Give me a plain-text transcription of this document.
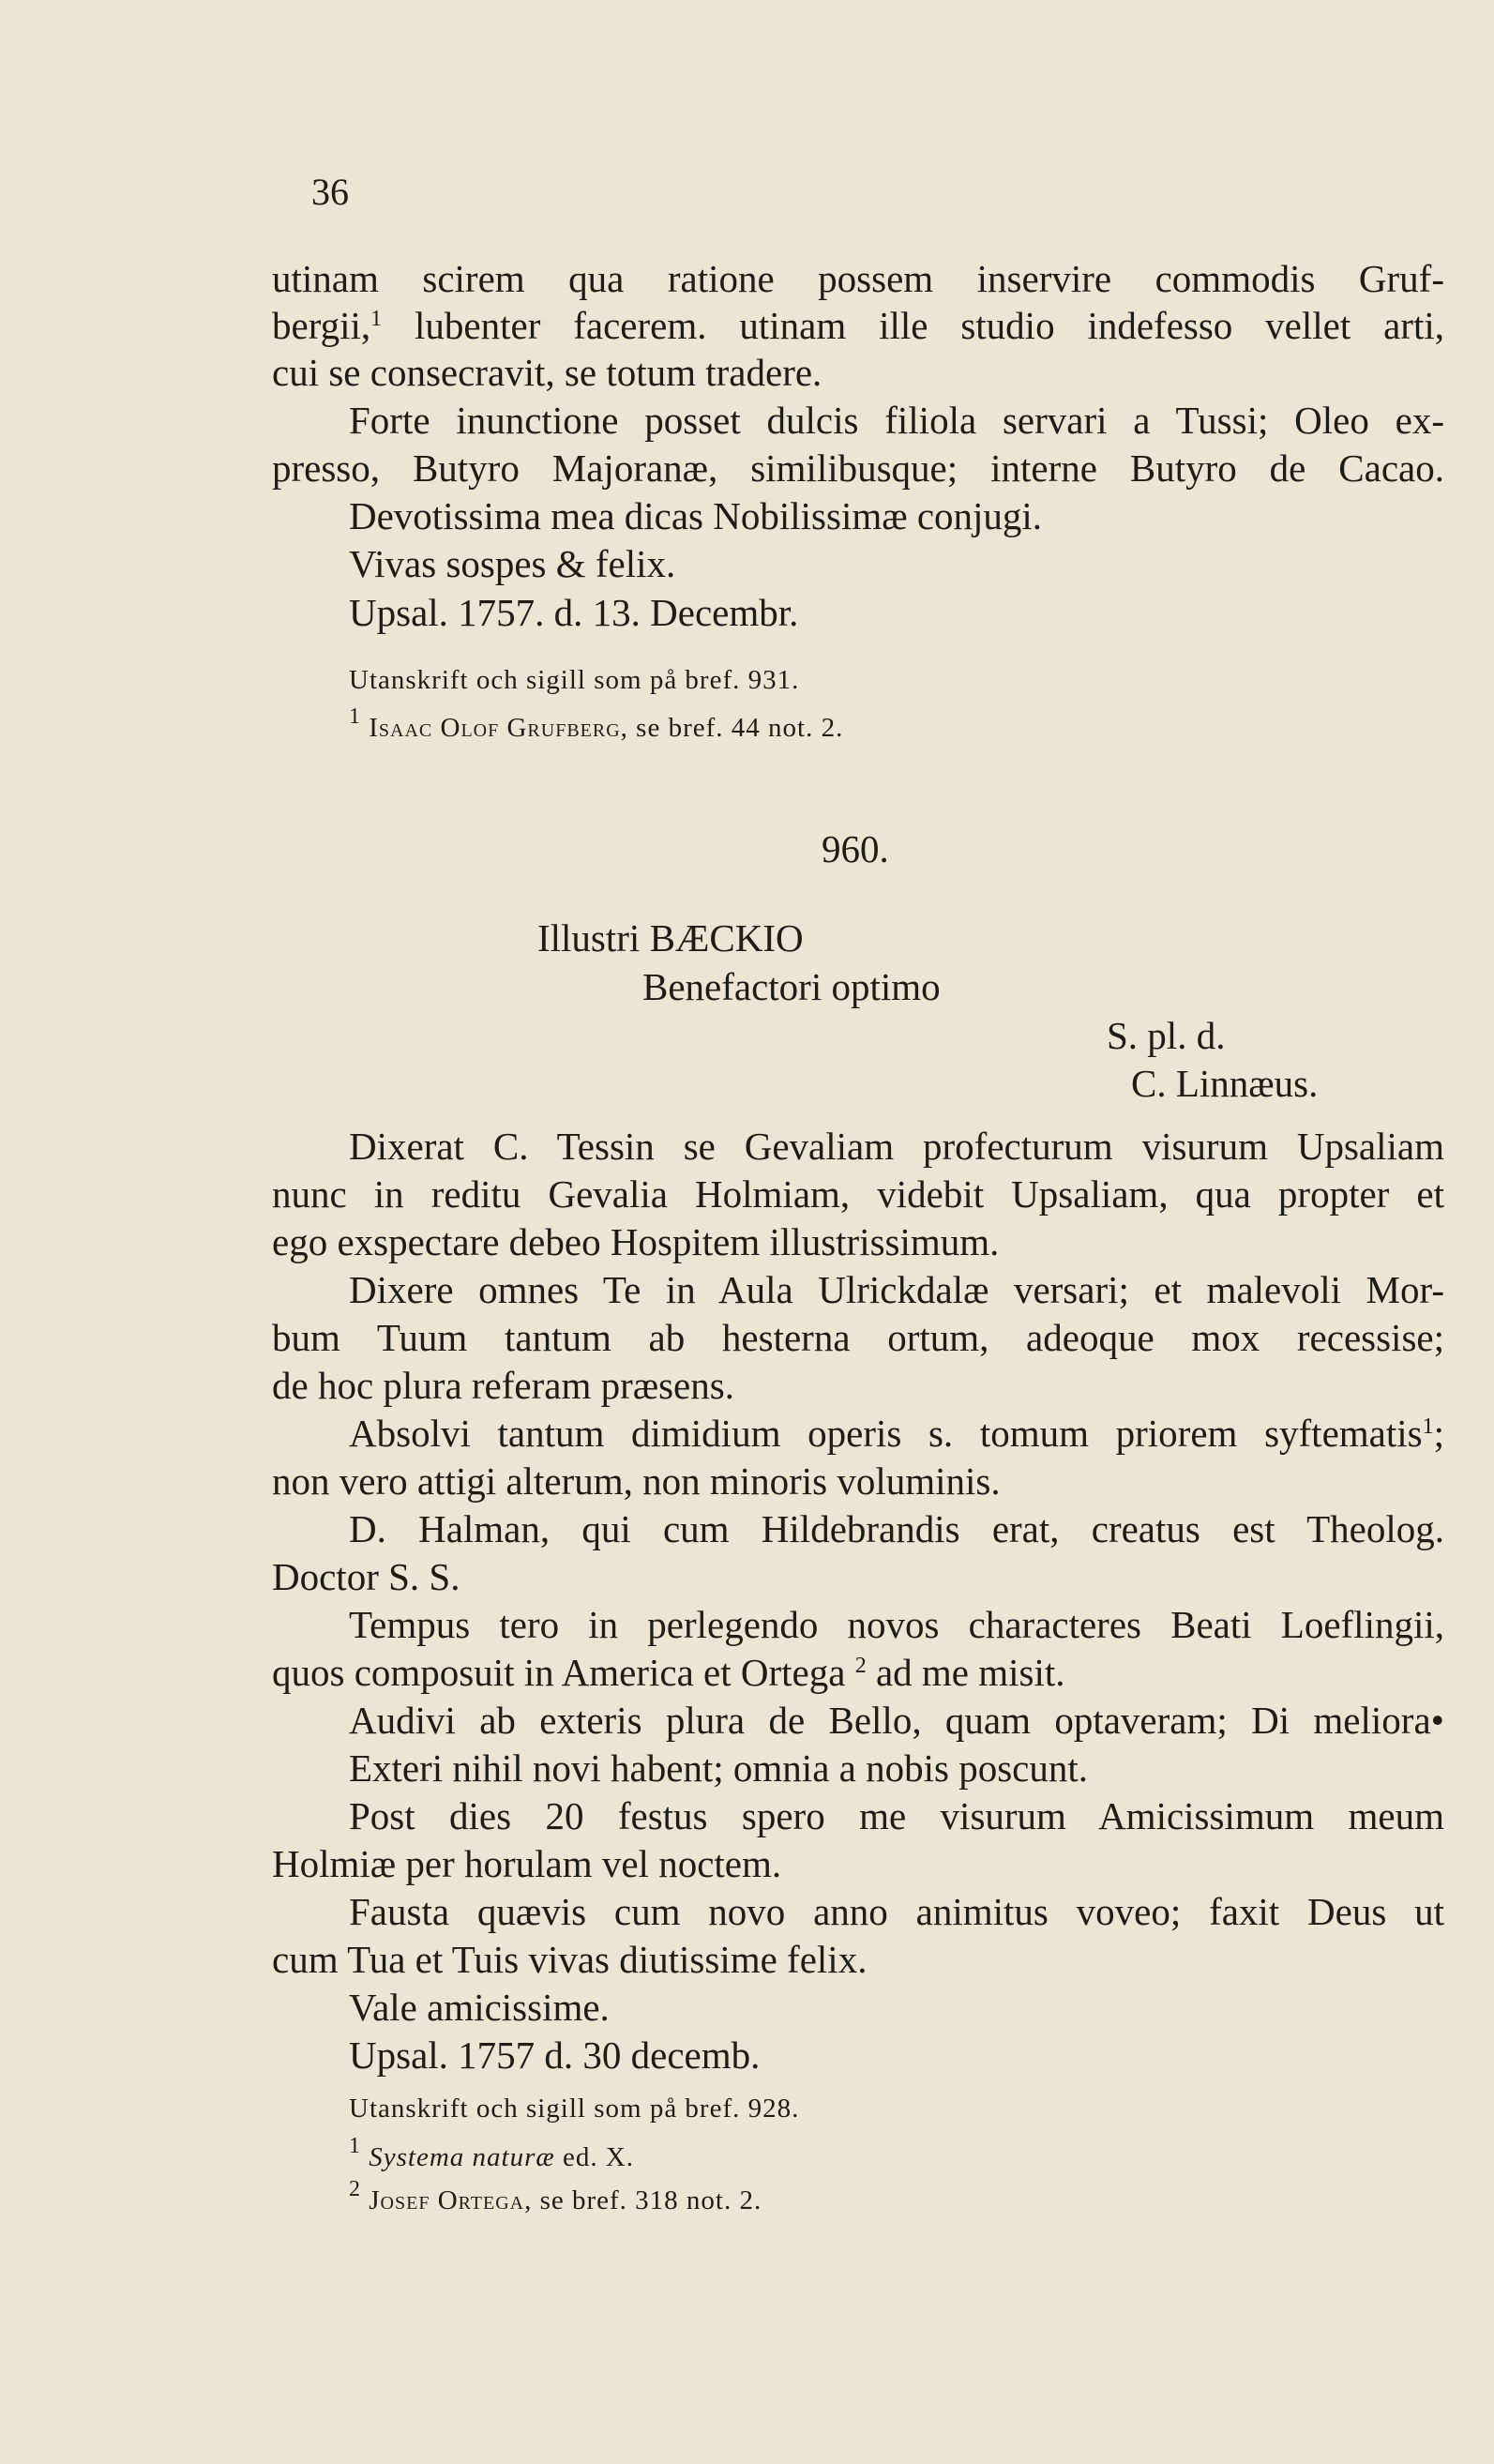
36
utinam scirem qua ratione possem inservire commodis Gruf-
bergii,$^1$ lubenter facerem. utinam ille studio indefesso vellet arti,
cui se consecravit, se totum tradere.
Forte inunctione posset dulcis filiola servari a Tussi; Oleo ex-
presso, Butyro Majoranæ, similibusque; interne Butyro de Cacao.
Devotissima mea dicas Nobilissimæ conjugi.
Vivas sospes & felix.
Upsal. 1757. d. 13. Decembr.
Utanskrift och sigill som på bref. 931.
$^1$ Isaac Olof Grufberg, se bref. 44 not. 2.
960.
Illustri BÆCKIO
Benefactori optimo
S. pl. d.
C. Linnæus.
Dixerat C. Tessin se Gevaliam profecturum visurum Upsaliam
nunc in reditu Gevalia Holmiam, videbit Upsaliam, qua propter et
ego exspectare debeo Hospitem illustrissimum.
Dixere omnes Te in Aula Ulrickdalæ versari; et malevoli Mor-
bum Tuum tantum ab hesterna ortum, adeoque mox recessise;
de hoc plura referam præsens.
Absolvi tantum dimidium operis s. tomum priorem syftematis$^1$;
non vero attigi alterum, non minoris voluminis.
D. Halman, qui cum Hildebrandis erat, creatus est Theolog.
Doctor S. S.
Tempus tero in perlegendo novos characteres Beati Loeflingii,
quos composuit in America et Ortega $^2$ ad me misit.
Audivi ab exteris plura de Bello, quam optaveram; Di meliora•
Exteri nihil novi habent; omnia a nobis poscunt.
Post dies 20 festus spero me visurum Amicissimum meum
Holmiæ per horulam vel noctem.
Fausta quævis cum novo anno animitus voveo; faxit Deus ut
cum Tua et Tuis vivas diutissime felix.
Vale amicissime.
Upsal. 1757 d. 30 decemb.
Utanskrift och sigill som på bref. 928.
$^1$ Systema naturæ ed. X.
$^2$ Josef Ortega, se bref. 318 not. 2.
